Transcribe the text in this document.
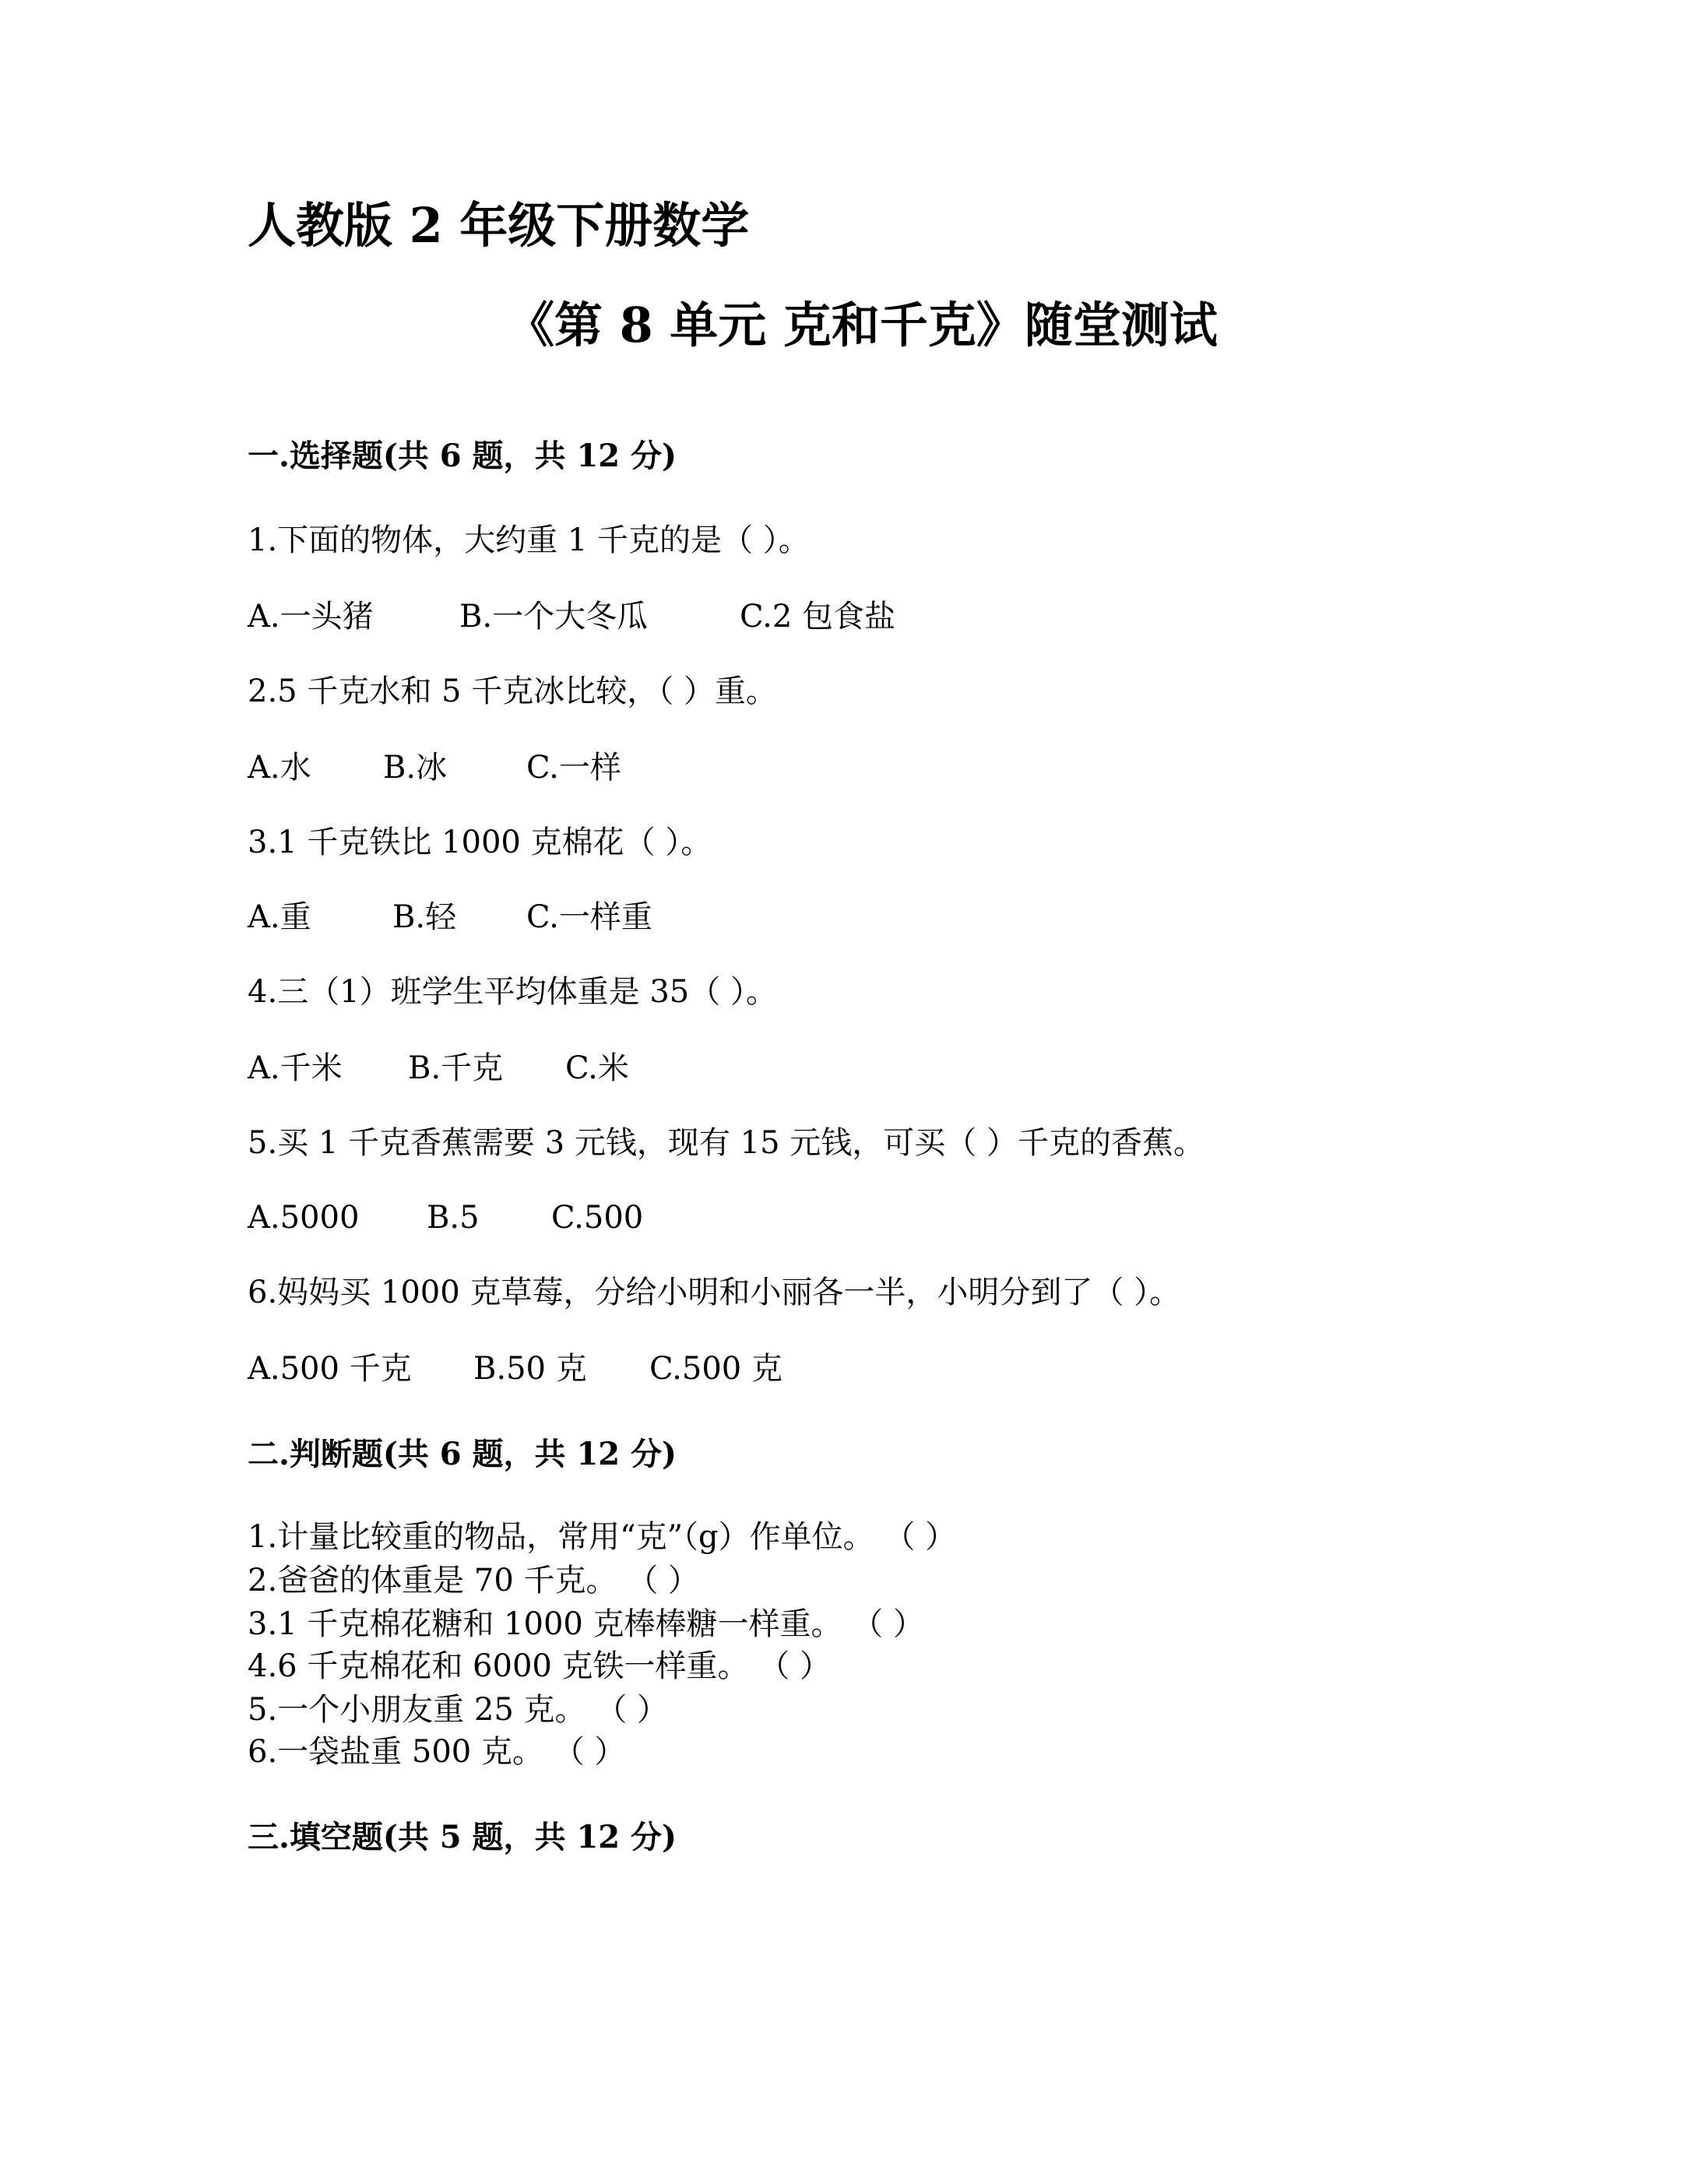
人教版 2 年级下册数学
《第 8 单元 克和千克》随堂测试
一.选择题(共 6 题，共 12 分)
1.下面的物体，大约重 1 千克的是（ ）。
A.一头猪	B.一个大冬瓜	C.2 包食盐
2.5 千克水和 5 千克冰比较，（ ）重。
A.水 B.冰	C.一样
3.1 千克铁比 1000 克棉花（ ）。
A.重	B.轻 C.一样重
4.三（1）班学生平均体重是 35（ ）。
A.千米 B.千克 C.米
5.买 1 千克香蕉需要 3 元钱，现有 15 元钱，可买（ ）千克的香蕉。
A.5000 B.5 C.500
6.妈妈买 1000 克草莓，分给小明和小丽各一半，小明分到了（ ）。
A.500 千克 B.50 克 C.500 克
二.判断题(共 6 题，共 12 分)
1.计量比较重的物品，常用“克”（g）作单位。 （ ）
2.爸爸的体重是 70 千克。 （ ）
3.1 千克棉花糖和 1000 克棒棒糖一样重。 （ ）
4.6 千克棉花和 6000 克铁一样重。 （ ）
5.一个小朋友重 25 克。 （ ）
6.一袋盐重 500 克。 （ ）
三.填空题(共 5 题，共 12 分)
